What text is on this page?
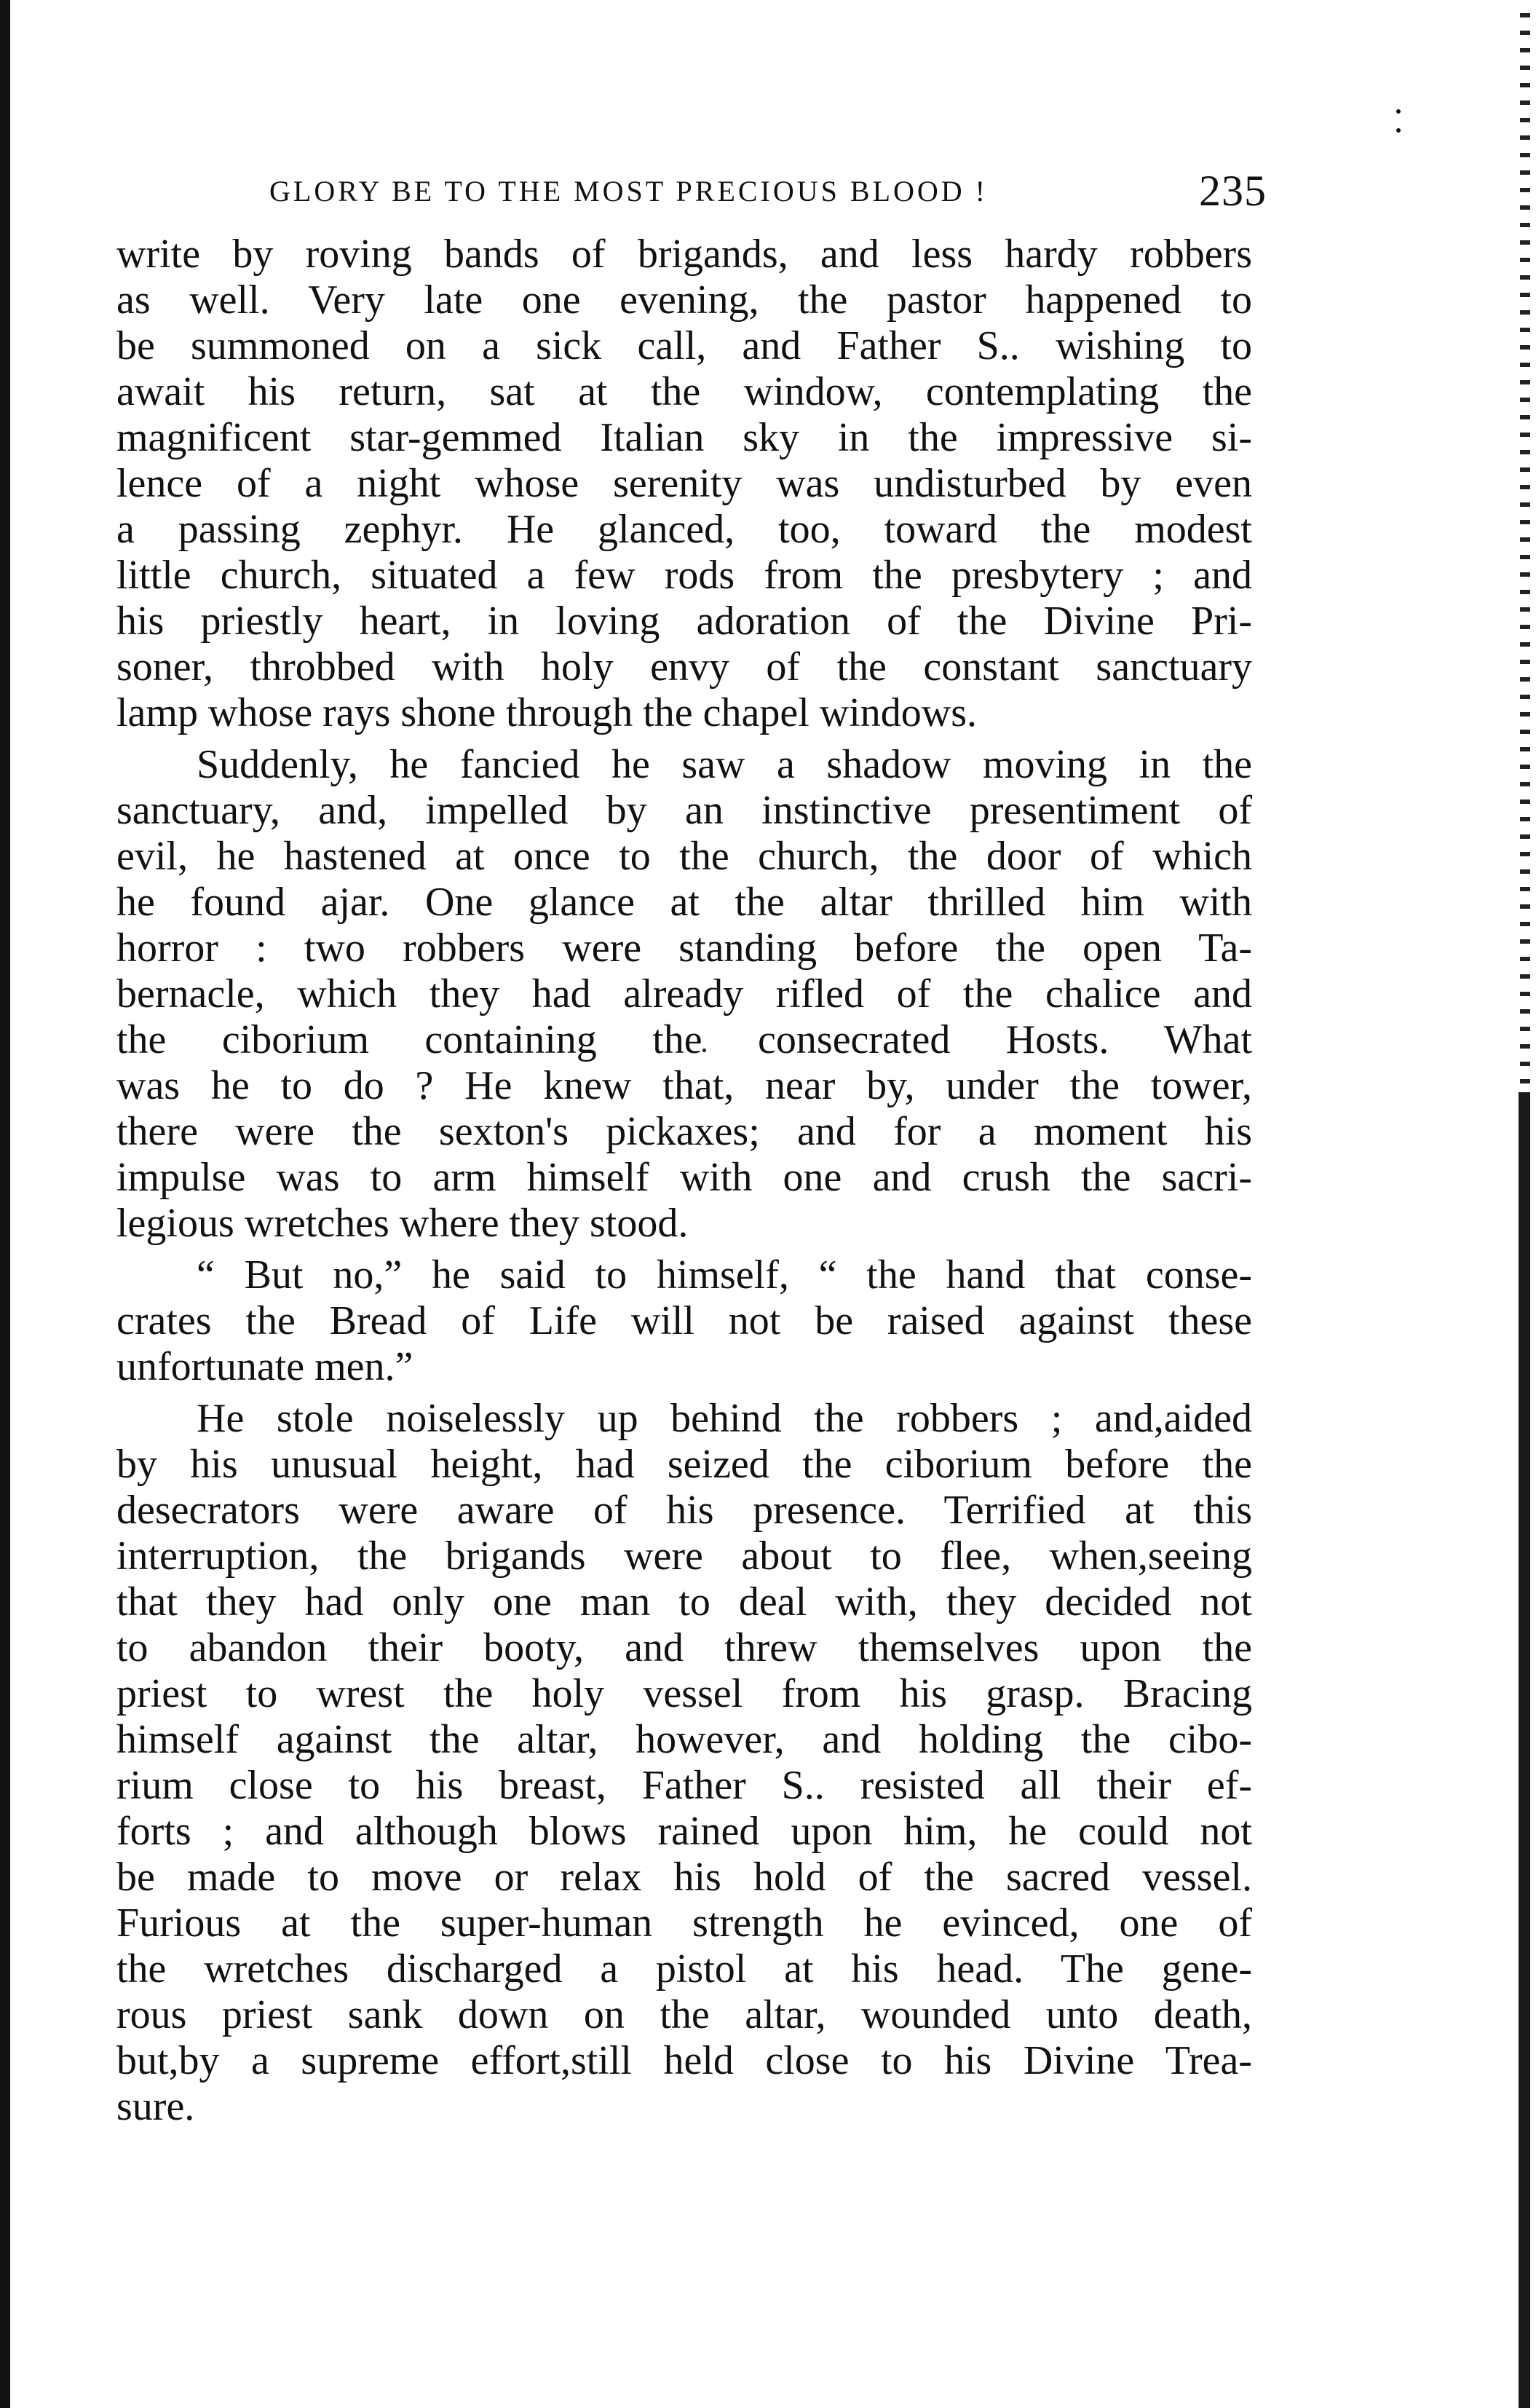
GLORY BE TO THE MOST PRECIOUS BLOOD !	235

write by roving bands of brigands, and less hardy robbers
as well. Very late one evening, the pastor happened to
be summoned on a sick call, and Father S.. wishing to
await his return, sat at the window, contemplating the
magnificent star-gemmed Italian sky in the impressive si-
lence of a night whose serenity was undisturbed by even
a passing zephyr. He glanced, too, toward the modest
little church, situated a few rods from the presbytery ; and
his priestly heart, in loving adoration of the Divine Pri-
soner, throbbed with holy envy of the constant sanctuary
lamp whose rays shone through the chapel windows.

Suddenly, he fancied he saw a shadow moving in the
sanctuary, and, impelled by an instinctive presentiment of
evil, he hastened at once to the church, the door of which
he found ajar. One glance at the altar thrilled him with
horror : two robbers were standing before the open Ta-
bernacle, which they had already rifled of the chalice and
the ciborium containing the consecrated Hosts. What
was he to do ? He knew that, near by, under the tower,
there were the sexton's pickaxes; and for a moment his
impulse was to arm himself with one and crush the sacri-
legious wretches where they stood.

“ But no,” he said to himself, “ the hand that conse-
crates the Bread of Life will not be raised against these
unfortunate men.”

He stole noiselessly up behind the robbers ; and,aided
by his unusual height, had seized the ciborium before the
desecrators were aware of his presence. Terrified at this
interruption, the brigands were about to flee, when,seeing
that they had only one man to deal with, they decided not
to abandon their booty, and threw themselves upon the
priest to wrest the holy vessel from his grasp. Bracing
himself against the altar, however, and holding the cibo-
rium close to his breast, Father S.. resisted all their ef-
forts ; and although blows rained upon him, he could not
be made to move or relax his hold of the sacred vessel.
Furious at the super-human strength he evinced, one of
the wretches discharged a pistol at his head. The gene-
rous priest sank down on the altar, wounded unto death,
but,by a supreme effort,still held close to his Divine Trea-
sure.
